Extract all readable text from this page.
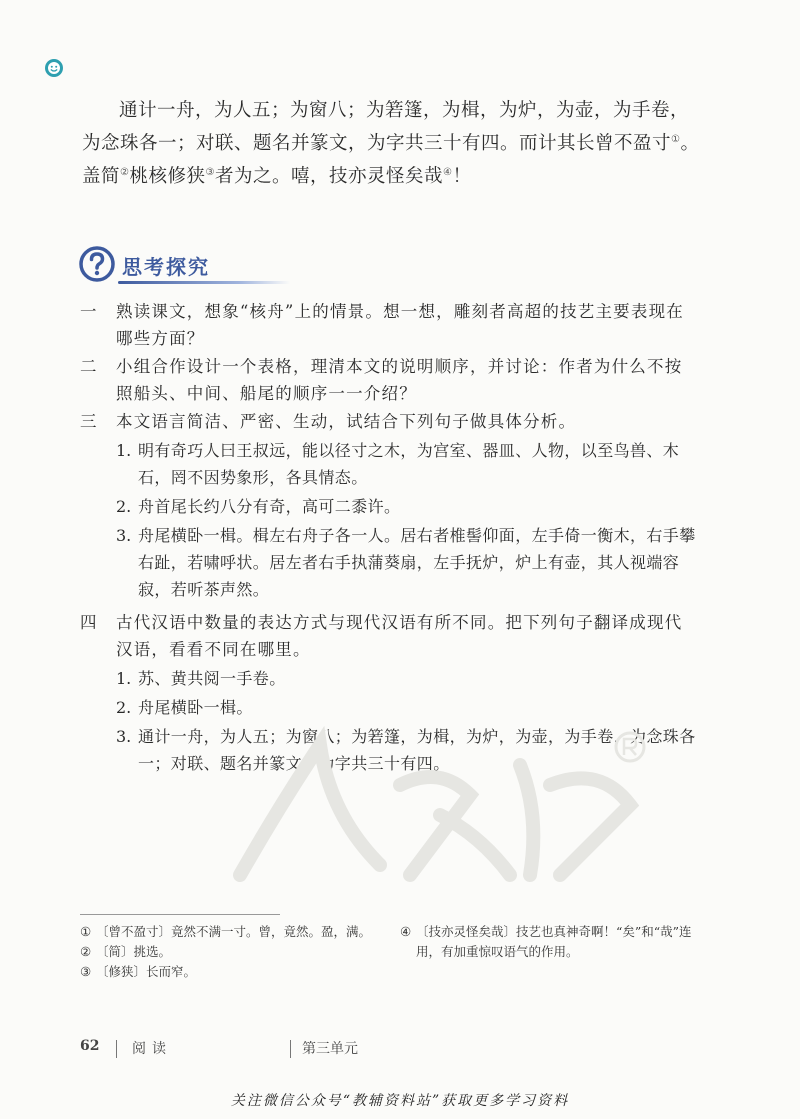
通计一舟，为人五；为窗八；为箬篷，为楫，为炉，为壶，为手卷，为念珠各一；对联、题名并篆文，为字共三十有四。而计其长曾不盈寸①。盖简②桃核修狭③者为之。嘻，技亦灵怪矣哉④！

思考探究
一	熟读课文，想象“核舟”上的情景。想一想，雕刻者高超的技艺主要表现在哪些方面？
二	小组合作设计一个表格，理清本文的说明顺序，并讨论：作者为什么不按照船头、中间、船尾的顺序一一介绍？
三	本文语言简洁、严密、生动，试结合下列句子做具体分析。
1. 明有奇巧人曰王叔远，能以径寸之木，为宫室、器皿、人物，以至鸟兽、木石，罔不因势象形，各具情态。
2. 舟首尾长约八分有奇，高可二黍许。
3. 舟尾横卧一楫。楫左右舟子各一人。居右者椎髻仰面，左手倚一衡木，右手攀右趾，若啸呼状。居左者右手执蒲葵扇，左手抚炉，炉上有壶，其人视端容寂，若听茶声然。
四	古代汉语中数量的表达方式与现代汉语有所不同。把下列句子翻译成现代汉语，看看不同在哪里。
1. 苏、黄共阅一手卷。
2. 舟尾横卧一楫。
3. 通计一舟，为人五；为窗八；为箬篷，为楫，为炉，为壶，为手卷，为念珠各一；对联、题名并篆文，为字共三十有四。
① 〔曾不盈寸〕竟然不满一寸。曾，竟然。盈，满。
② 〔简〕挑选。
③ 〔修狭〕长而窄。
④ 〔技亦灵怪矣哉〕技艺也真神奇啊！“矣”和“哉”连用，有加重惊叹语气的作用。
62 阅读	第三单元
关注微信公众号“教辅资料站”获取更多学习资料
